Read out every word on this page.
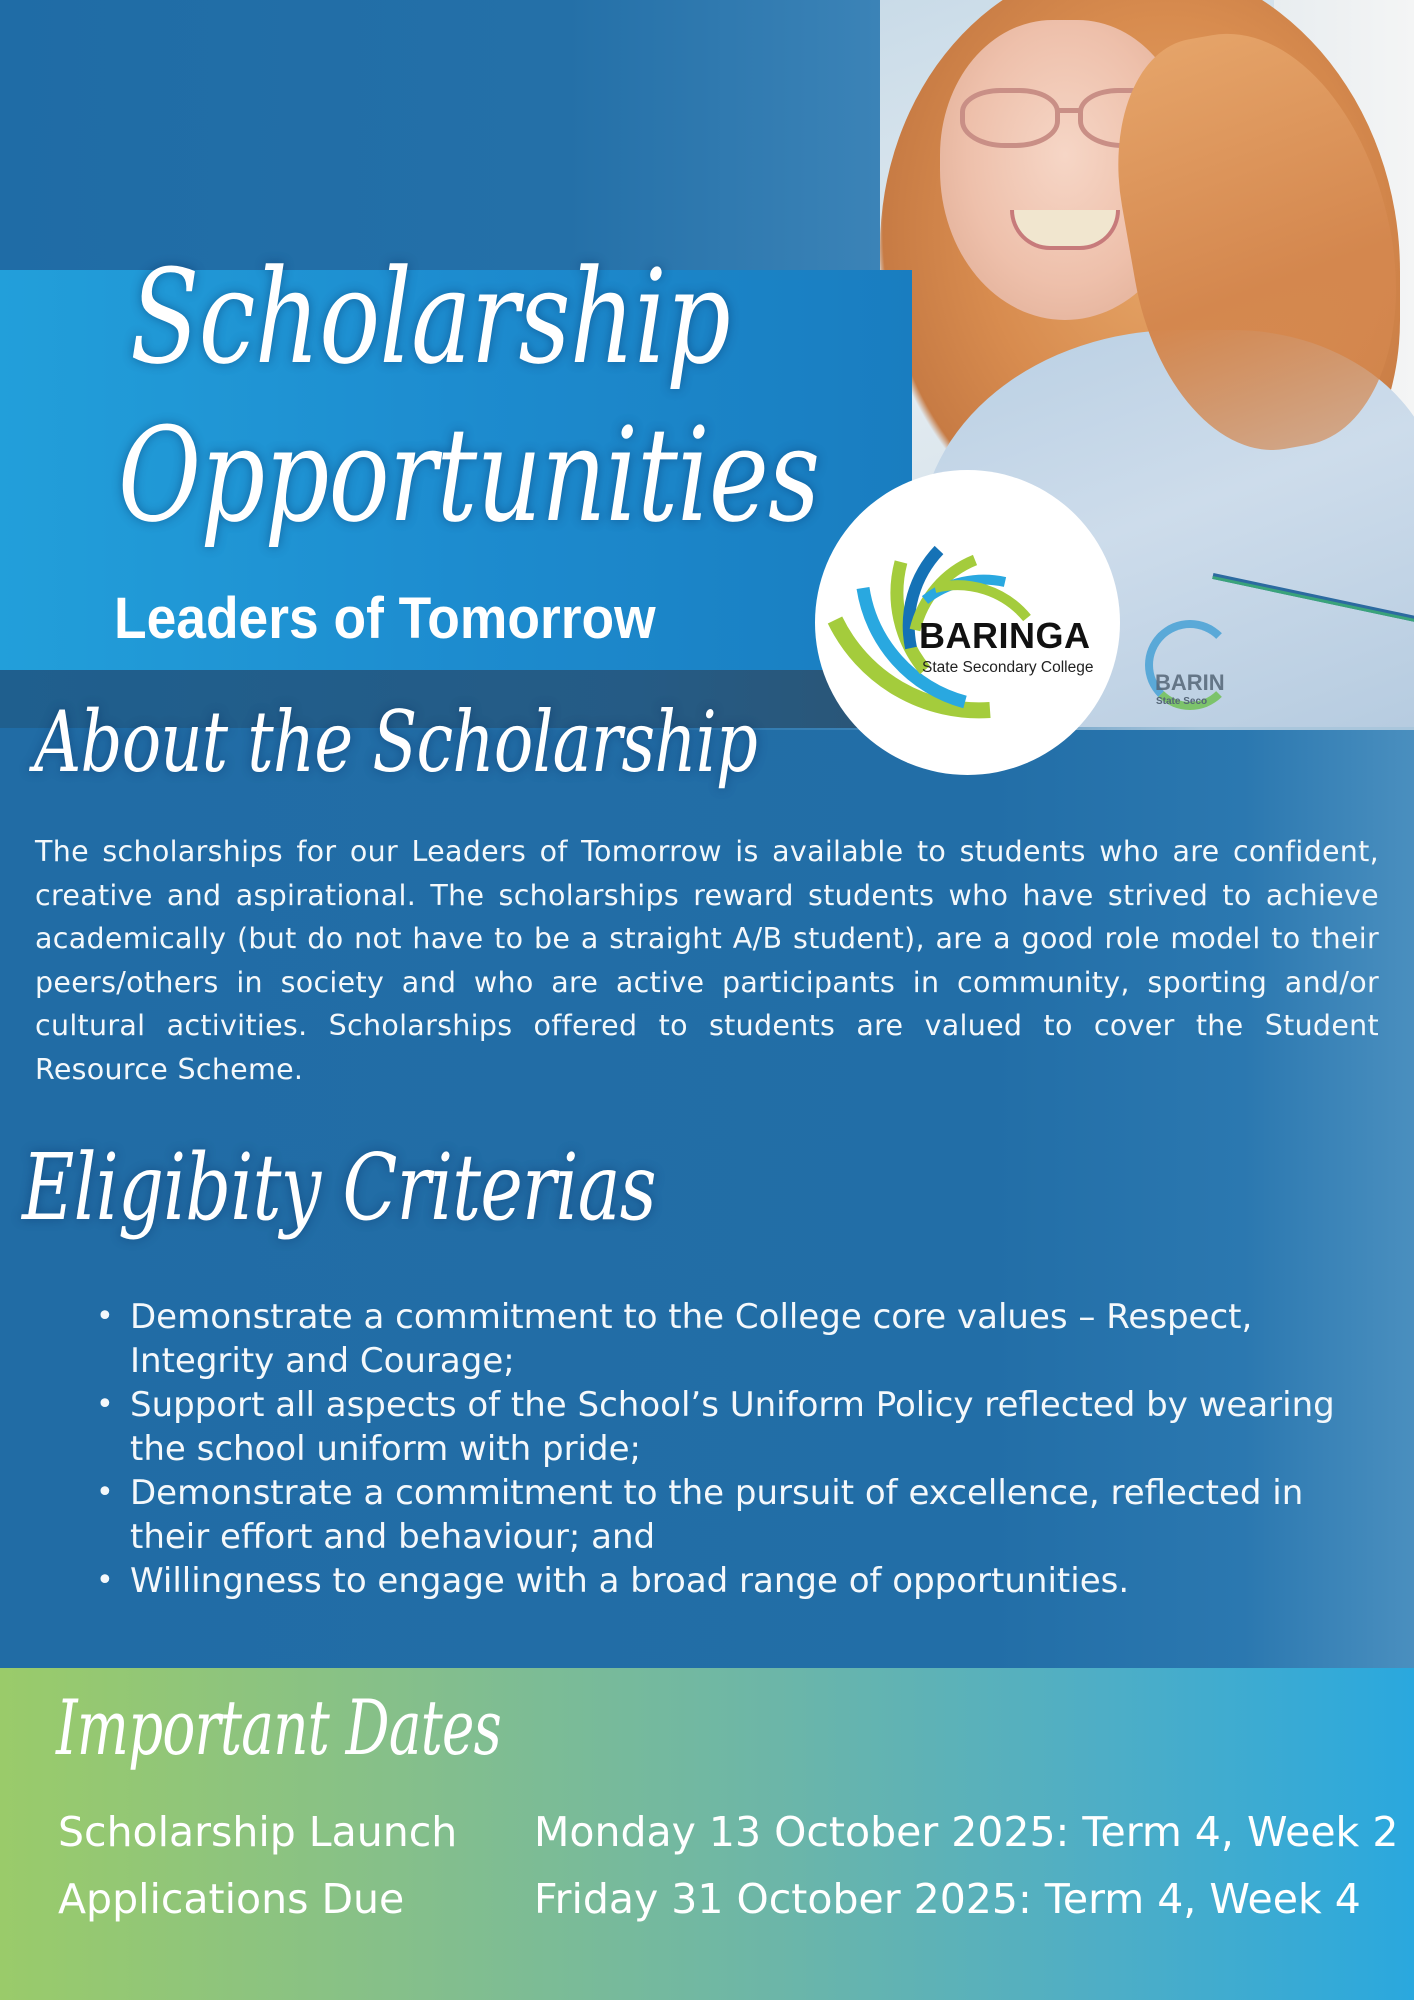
BARIN
State Seco
Scholarship
Opportunities
Leaders of Tomorrow	BARINGA
State Secondary College
About the Scholarship

The scholarships for our Leaders of Tomorrow is available to students who are confident, creative and aspirational. The scholarships reward students who have strived to achieve academically (but do not have to be a straight A/B student), are a good role model to their peers/others in society and who are active participants in community, sporting and/or cultural activities. Scholarships offered to students are valued to cover the Student Resource Scheme.

Eligibity Criterias
• Demonstrate a commitment to the College core values – Respect, Integrity and Courage;
• Support all aspects of the School’s Uniform Policy reflected by wearing the school uniform with pride;
• Demonstrate a commitment to the pursuit of excellence, reflected in their effort and behaviour; and
• Willingness to engage with a broad range of opportunities.
Important Dates
Scholarship Launch Monday 13 October 2025: Term 4, Week 2
Applications Due	Friday 31 October 2025: Term 4, Week 4
